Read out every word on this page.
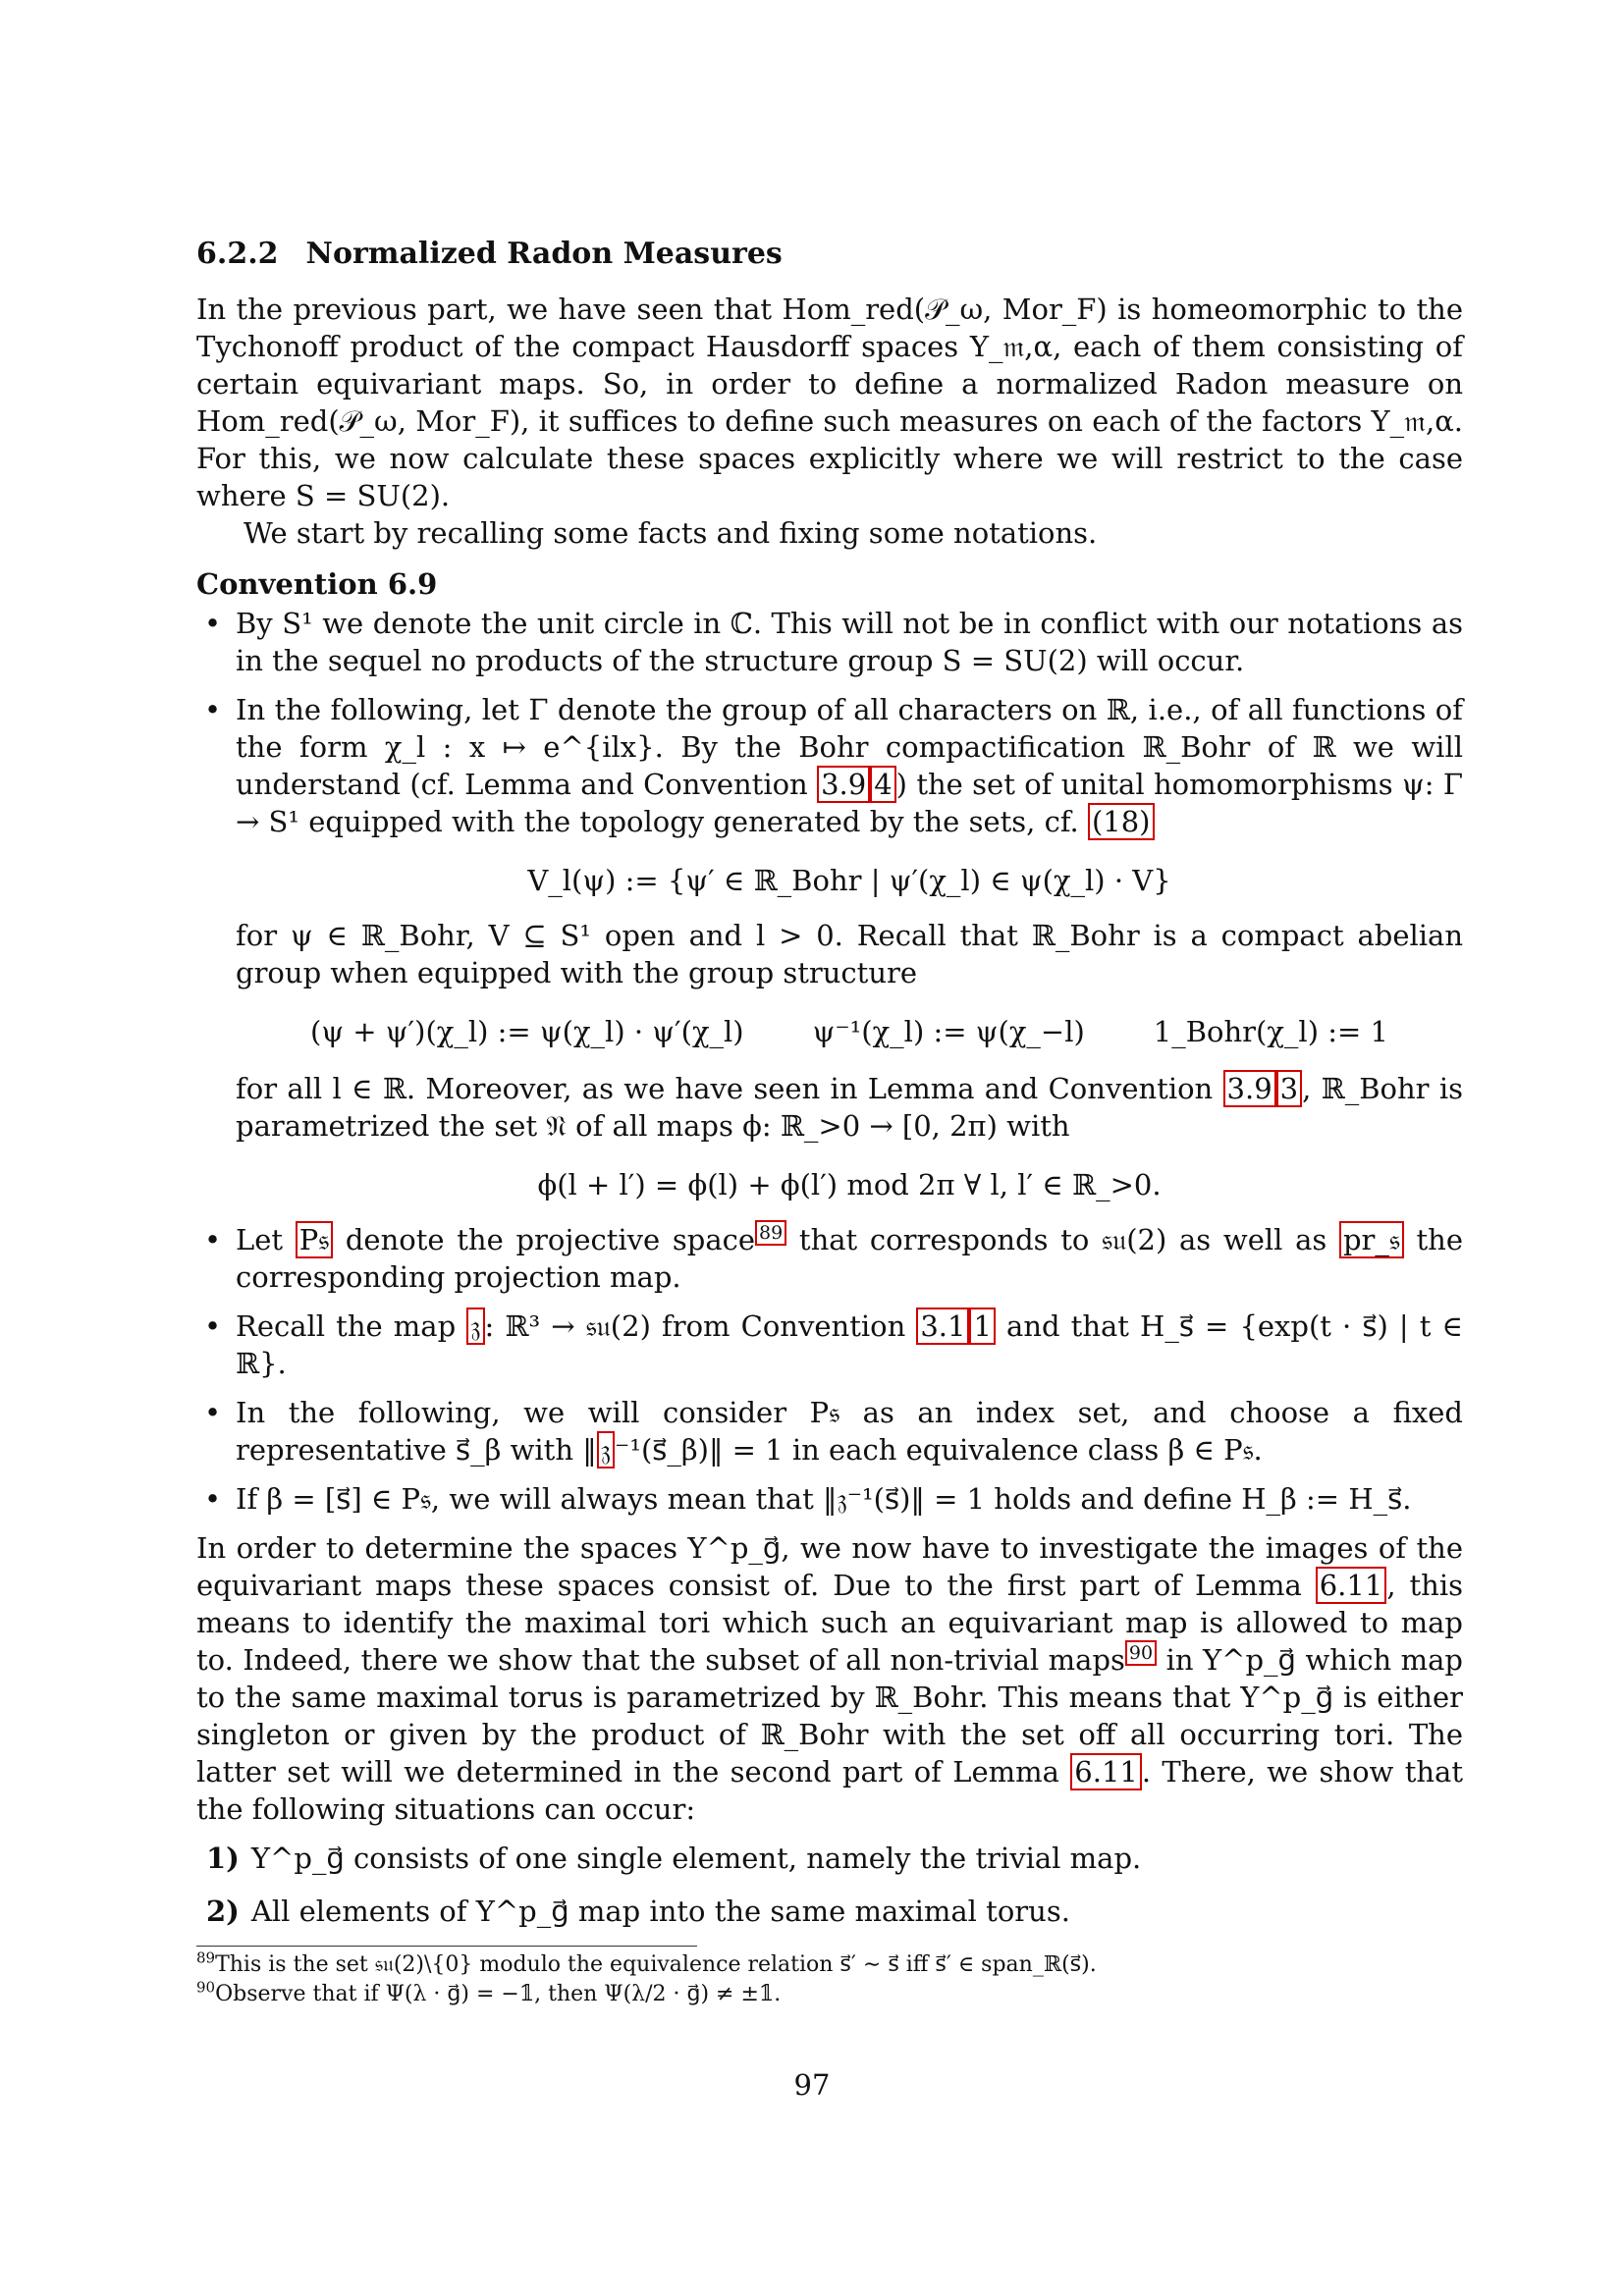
6.2.2 Normalized Radon Measures

In the previous part, we have seen that Hom_red(𝒫_ω, Mor_F) is homeomorphic to the Tychonoff product of the compact Hausdorff spaces Y_𝔪,α, each of them consisting of certain equivariant maps. So, in order to define a normalized Radon measure on Hom_red(𝒫_ω, Mor_F), it suffices to define such measures on each of the factors Y_𝔪,α. For this, we now calculate these spaces explicitly where we will restrict to the case where S = SU(2).

We start by recalling some facts and fixing some notations.

Convention 6.9
• By S¹ we denote the unit circle in ℂ. This will not be in conflict with our notations as in the sequel no products of the structure group S = SU(2) will occur.
• In the following, let Γ denote the group of all characters on ℝ, i.e., of all functions of the form χ_l : x ↦ e^{ilx}. By the Bohr compactification ℝ_Bohr of ℝ we will understand (cf. Lemma and Convention 3.9 4 ) the set of unital homomorphisms ψ: Γ → S¹ equipped with the topology generated by the sets, cf. (18)
V_l(ψ) := {ψ′ ∈ ℝ_Bohr | ψ′(χ_l) ∈ ψ(χ_l) · V}

for ψ ∈ ℝ_Bohr, V ⊆ S¹ open and l > 0. Recall that ℝ_Bohr is a compact abelian group when equipped with the group structure

(ψ + ψ′)(χ_l) := ψ(χ_l) · ψ′(χ_l) ψ⁻¹(χ_l) := ψ(χ_−l) 1_Bohr(χ_l) := 1

for all l ∈ ℝ. Moreover, as we have seen in Lemma and Convention 3.9 3 , ℝ_Bohr is parametrized the set 𝔑 of all maps ϕ: ℝ_>0 → [0, 2π) with

ϕ(l + l′) = ϕ(l) + ϕ(l′) mod 2π ∀ l, l′ ∈ ℝ_>0.
• Let P𝔰 denote the projective space $^{89}$ that corresponds to 𝔰𝔲(2) as well as pr_𝔰 the corresponding projection map.
• Recall the map 𝔷 : ℝ³ → 𝔰𝔲(2) from Convention 3.1 1 and that H_s⃗ = {exp(t · s⃗) | t ∈ ℝ}.
• In the following, we will consider P𝔰 as an index set, and choose a fixed representative s⃗_β with ‖ 𝔷 ⁻¹(s⃗_β)‖ = 1 in each equivalence class β ∈ P𝔰.
• If β = [s⃗] ∈ P𝔰, we will always mean that ‖𝔷⁻¹(s⃗)‖ = 1 holds and define H_β := H_s⃗.

In order to determine the spaces Y^p_g⃗, we now have to investigate the images of the equivariant maps these spaces consist of. Due to the first part of Lemma 6.11 , this means to identify the maximal tori which such an equivariant map is allowed to map to. Indeed, there we show that the subset of all non-trivial maps $^{90}$ in Y^p_g⃗ which map to the same maximal torus is parametrized by ℝ_Bohr. This means that Y^p_g⃗ is either singleton or given by the product of ℝ_Bohr with the set off all occurring tori. The latter set will we determined in the second part of Lemma 6.11 . There, we show that the following situations can occur:

1) Y^p_g⃗ consists of one single element, namely the trivial map.
2) All elements of Y^p_g⃗ map into the same maximal torus.
$^{89}$This is the set 𝔰𝔲(2)\{0} modulo the equivalence relation s⃗′ ∼ s⃗ iff s⃗′ ∈ span_ℝ(s⃗).
$^{90}$Observe that if Ψ(λ · g⃗) = −𝟙, then Ψ(λ/2 · g⃗) ≠ ±𝟙.
97
